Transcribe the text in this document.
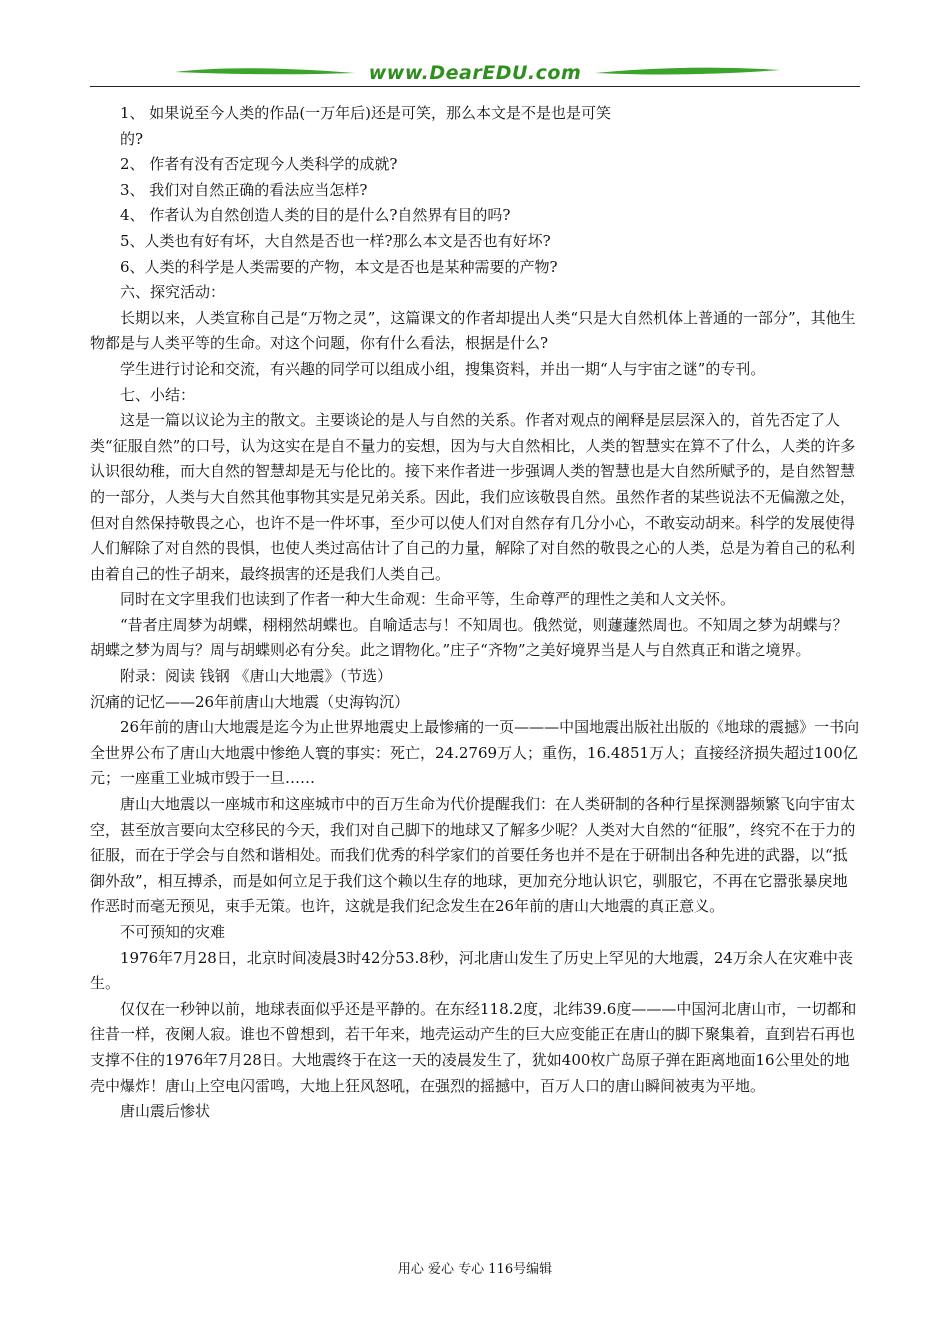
www.DearEDU.com

1、 如果说至今人类的作品(一万年后)还是可笑，那么本文是不是也是可笑

的?

2、 作者有没有否定现今人类科学的成就?

3、 我们对自然正确的看法应当怎样?

4、 作者认为自然创造人类的目的是什么?自然界有目的吗?

5、人类也有好有坏，大自然是否也一样?那么本文是否也有好坏?

6、人类的科学是人类需要的产物，本文是否也是某种需要的产物?

六、探究活动：

长期以来，人类宣称自己是“万物之灵”，这篇课文的作者却提出人类“只是大自然机体上普通的一部分”，其他生物都是与人类平等的生命。对这个问题，你有什么看法，根据是什么?

学生进行讨论和交流，有兴趣的同学可以组成小组，搜集资料，并出一期“人与宇宙之谜”的专刊。

七、小结：

这是一篇以议论为主的散文。主要谈论的是人与自然的关系。作者对观点的阐释是层层深入的，首先否定了人类“征服自然”的口号，认为这实在是自不量力的妄想，因为与大自然相比，人类的智慧实在算不了什么，人类的许多认识很幼稚，而大自然的智慧却是无与伦比的。接下来作者进一步强调人类的智慧也是大自然所赋予的，是自然智慧的一部分，人类与大自然其他事物其实是兄弟关系。因此，我们应该敬畏自然。虽然作者的某些说法不无偏激之处，但对自然保持敬畏之心，也许不是一件坏事，至少可以使人们对自然存有几分小心，不敢妄动胡来。科学的发展使得人们解除了对自然的畏惧，也使人类过高估计了自己的力量，解除了对自然的敬畏之心的人类，总是为着自己的私利由着自己的性子胡来，最终损害的还是我们人类自己。

同时在文字里我们也读到了作者一种大生命观：生命平等，生命尊严的理性之美和人文关怀。

“昔者庄周梦为胡蝶，栩栩然胡蝶也。自喻适志与！不知周也。俄然觉，则蘧蘧然周也。不知周之梦为胡蝶与？胡蝶之梦为周与？周与胡蝶则必有分矣。此之谓物化。”庄子“齐物”之美好境界当是人与自然真正和谐之境界。

附录：阅读 钱钢 《唐山大地震》（节选）

沉痛的记忆——26年前唐山大地震（史海钩沉）

26年前的唐山大地震是迄今为止世界地震史上最惨痛的一页———中国地震出版社出版的《地球的震撼》一书向全世界公布了唐山大地震中惨绝人寰的事实：死亡，24.2769万人；重伤，16.4851万人；直接经济损失超过100亿元；一座重工业城市毁于一旦……

唐山大地震以一座城市和这座城市中的百万生命为代价提醒我们：在人类研制的各种行星探测器频繁飞向宇宙太空，甚至放言要向太空移民的今天，我们对自己脚下的地球又了解多少呢？人类对大自然的“征服”，终究不在于力的征服，而在于学会与自然和谐相处。而我们优秀的科学家们的首要任务也并不是在于研制出各种先进的武器，以“抵御外敌”，相互搏杀，而是如何立足于我们这个赖以生存的地球，更加充分地认识它，驯服它，不再在它嚣张暴戾地作恶时而毫无预见，束手无策。也许，这就是我们纪念发生在26年前的唐山大地震的真正意义。

不可预知的灾难

1976年7月28日，北京时间凌晨3时42分53.8秒，河北唐山发生了历史上罕见的大地震，24万余人在灾难中丧生。

仅仅在一秒钟以前，地球表面似乎还是平静的。在东经118.2度，北纬39.6度———中国河北唐山市，一切都和往昔一样，夜阑人寂。谁也不曾想到，若干年来，地壳运动产生的巨大应变能正在唐山的脚下聚集着，直到岩石再也支撑不住的1976年7月28日。大地震终于在这一天的凌晨发生了，犹如400枚广岛原子弹在距离地面16公里处的地壳中爆炸！唐山上空电闪雷鸣，大地上狂风怒吼，在强烈的摇撼中，百万人口的唐山瞬间被夷为平地。

唐山震后惨状

用心 爱心 专心 116号编辑
